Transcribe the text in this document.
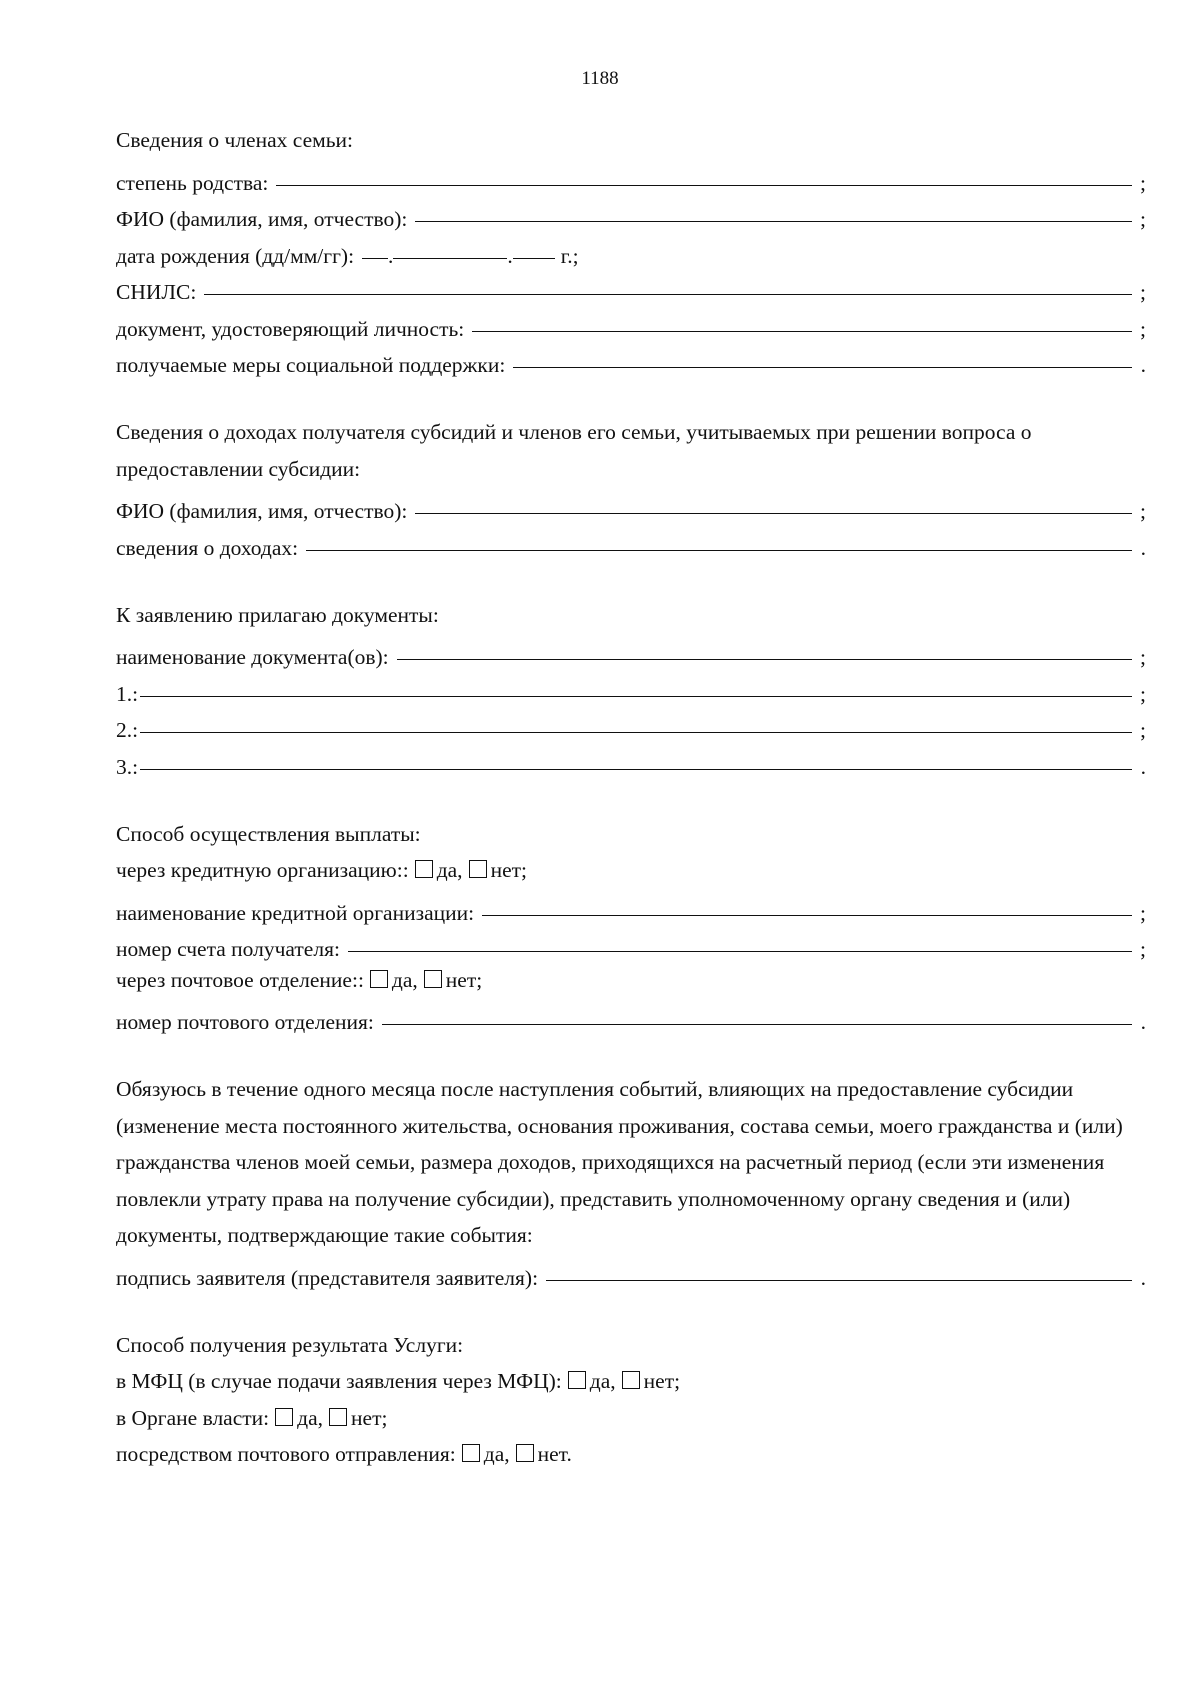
1188
Сведения о членах семьи:
степень родства:	;
ФИО (фамилия, имя, отчество):	;
дата рождения (дд/мм/гг): .	. г.;
СНИЛС:	;
документ, удостоверяющий личность:	;
получаемые меры социальной поддержки:	.
Сведения о доходах получателя субсидий и членов его семьи, учитываемых при решении вопроса о предоставлении субсидии:
ФИО (фамилия, имя, отчество):	;
сведения о доходах:	.
К заявлению прилагаю документы:
наименование документа(ов):	;
1.:	;
2.:	;
3.:	.
Способ осуществления выплаты:
через кредитную организацию:: да, нет;
наименование кредитной организации:	;
номер счета получателя:	;
через почтовое отделение:: да, нет;
номер почтового отделения:	.
Обязуюсь в течение одного месяца после наступления событий, влияющих на предоставление субсидии (изменение места постоянного жительства, основания проживания, состава семьи, моего гражданства и (или) гражданства членов моей семьи, размера доходов, приходящихся на расчетный период (если эти изменения повлекли утрату права на получение субсидии), представить уполномоченному органу сведения и (или) документы, подтверждающие такие события:
подпись заявителя (представителя заявителя):	.
Способ получения результата Услуги:
в МФЦ (в случае подачи заявления через МФЦ): да, нет;
в Органе власти: да, нет;
посредством почтового отправления: да, нет.
